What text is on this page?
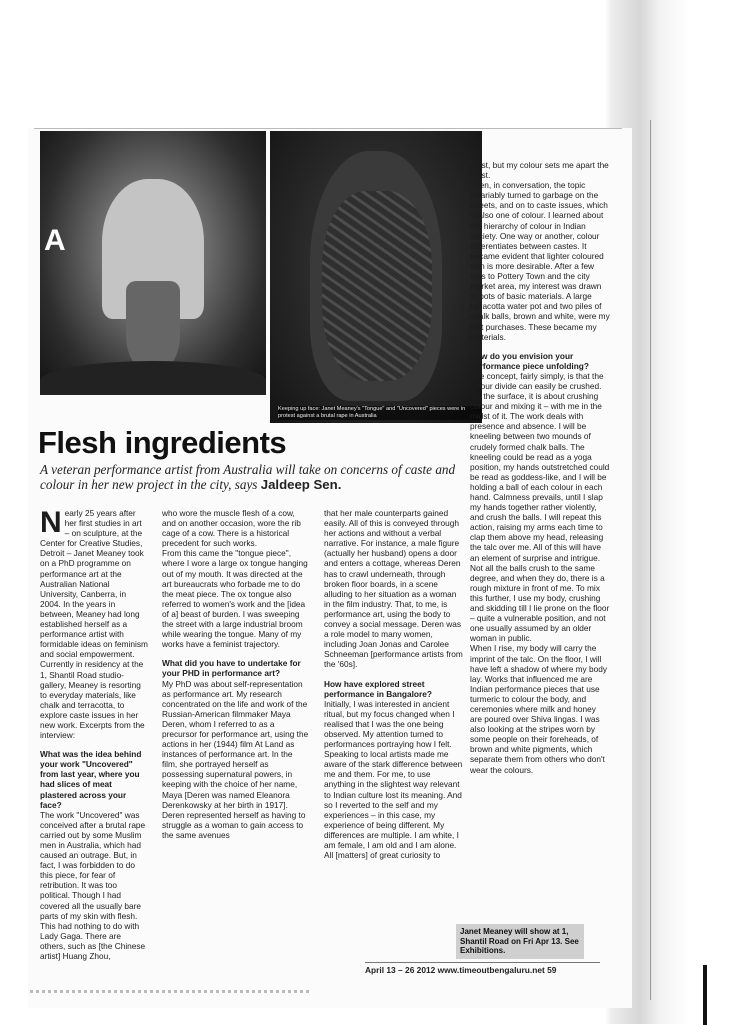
A
Keeping up face: Janet Meaney's "Tongue" and "Uncovered" pieces were in protest against a brutal rape in Australia
Flesh ingredients
A veteran performance artist from Australia will take on concerns of caste and colour in her new project in the city, says Jaldeep Sen.
Nearly 25 years after her first studies in art – on sculpture, at the Center for Creative Studies, Detroit – Janet Meaney took on a PhD programme on performance art at the Australian National University, Canberra, in 2004. In the years in between, Meaney had long established herself as a performance artist with formidable ideas on feminism and social empowerment. Currently in residency at the 1, Shantil Road studio-gallery, Meaney is resorting to everyday materials, like chalk and terracotta, to explore caste issues in her new work. Excerpts from the interview:
What was the idea behind your work "Uncovered" from last year, where you had slices of meat plastered across your face?
The work "Uncovered" was conceived after a brutal rape carried out by some Muslim men in Australia, which had caused an outrage. But, in fact, I was forbidden to do this piece, for fear of retribution. It was too political. Though I had covered all the usually bare parts of my skin with flesh.
This had nothing to do with Lady Gaga. There are others, such as [the Chinese artist] Huang Zhou,
who wore the muscle flesh of a cow, and on another occasion, wore the rib cage of a cow. There is a historical precedent for such works.
From this came the "tongue piece", where I wore a large ox tongue hanging out of my mouth. It was directed at the art bureaucrats who forbade me to do the meat piece. The ox tongue also referred to women's work and the [idea of a] beast of burden. I was sweeping the street with a large industrial broom while wearing the tongue. Many of my works have a feminist trajectory.
What did you have to undertake for your PHD in performance art?
My PhD was about self-representation as performance art. My research concentrated on the life and work of the Russian-American filmmaker Maya Deren, whom I referred to as a precursor for performance art, using the actions in her (1944) film At Land as instances of performance art. In the film, she portrayed herself as possessing supernatural powers, in keeping with the choice of her name, Maya [Deren was named Eleanora Derenkowsky at her birth in 1917].
Deren represented herself as having to struggle as a woman to gain access to the same avenues
that her male counterparts gained easily. All of this is conveyed through her actions and without a verbal narrative. For instance, a male figure (actually her husband) opens a door and enters a cottage, whereas Deren has to crawl underneath, through broken floor boards, in a scene alluding to her situation as a woman in the film industry. That, to me, is performance art, using the body to convey a social message. Deren was a role model to many women, including Joan Jonas and Carolee Schneeman [performance artists from the '60s].
How have explored street performance in Bangalore?
Initially, I was interested in ancient ritual, but my focus changed when I realised that I was the one being observed. My attention turned to performances portraying how I felt.
Speaking to local artists made me aware of the stark difference between me and them. For me, to use anything in the slightest way relevant to Indian culture lost its meaning. And so I reverted to the self and my experiences – in this case, my experience of being different. My differences are multiple. I am white, I am female, I am old and I am alone. All [matters] of great curiosity to
most, but my colour sets me apart the most.
Then, in conversation, the topic invariably turned to garbage on the streets, and on to caste issues, which is also one of colour. I learned about the hierarchy of colour in Indian society. One way or another, colour differentiates between castes. It became evident that lighter coloured skin is more desirable. After a few trips to Pottery Town and the city market area, my interest was drawn to pots of basic materials. A large terracotta water pot and two piles of chalk balls, brown and white, were my first purchases. These became my materials.
How do you envision your performance piece unfolding?
The concept, fairly simply, is that the colour divide can easily be crushed. On the surface, it is about crushing colour and mixing it – with me in the midst of it. The work deals with presence and absence. I will be kneeling between two mounds of crudely formed chalk balls. The kneeling could be read as a yoga position, my hands outstretched could be read as goddess-like, and I will be holding a ball of each colour in each hand. Calmness prevails, until I slap my hands together rather violently, and crush the balls. I will repeat this action, raising my arms each time to clap them above my head, releasing the talc over me. All of this will have an element of surprise and intrigue. Not all the balls crush to the same degree, and when they do, there is a rough mixture in front of me. To mix this further, I use my body, crushing and skidding till I lie prone on the floor – quite a vulnerable position, and not one usually assumed by an older woman in public.
When I rise, my body will carry the imprint of the talc. On the floor, I will have left a shadow of where my body lay. Works that influenced me are Indian performance pieces that use turmeric to colour the body, and ceremonies where milk and honey are poured over Shiva lingas. I was also looking at the stripes worn by some people on their foreheads, of brown and white pigments, which separate them from others who don't wear the colours.
Janet Meaney will show at 1, Shantil Road on Fri Apr 13. See Exhibitions.
April 13 – 26 2012 www.timeoutbengaluru.net 59
